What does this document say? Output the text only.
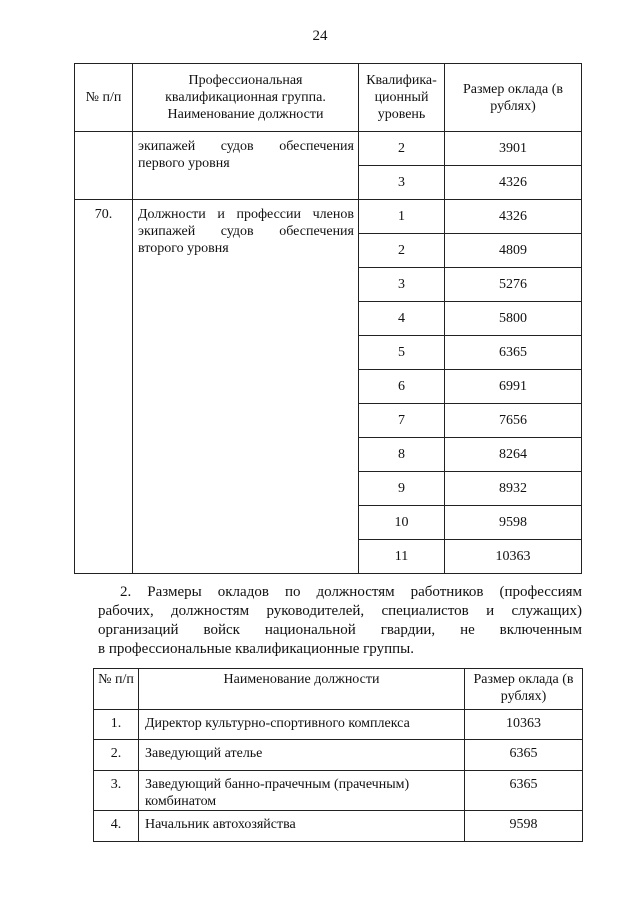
24
№ п/п	Профессиональная квалификационная группа. Наименование должности	Квалифика-ционный уровень	Размер оклада (в рублях)
	экипажей судов обеспечения первого уровня	2	3901
		3	4326
70.	Должности и профессии членов экипажей судов обеспечения второго уровня	1	4326
		2	4809
		3	5276
		4	5800
		5	6365
		6	6991
		7	7656
		8	8264
		9	8932
		10	9598
		11	10363

2. Размеры окладов по должностям работников (профессиям

рабочих, должностям руководителей, специалистов и служащих)

организаций войск национальной гвардии, не включенным

в профессиональные квалификационные группы.

№ п/п	Наименование должности	Размер оклада (в рублях)
1.	Директор культурно-спортивного комплекса	10363
2.	Заведующий ателье	6365
3.	Заведующий банно-прачечным (прачечным) комбинатом	6365
4.	Начальник автохозяйства	9598
